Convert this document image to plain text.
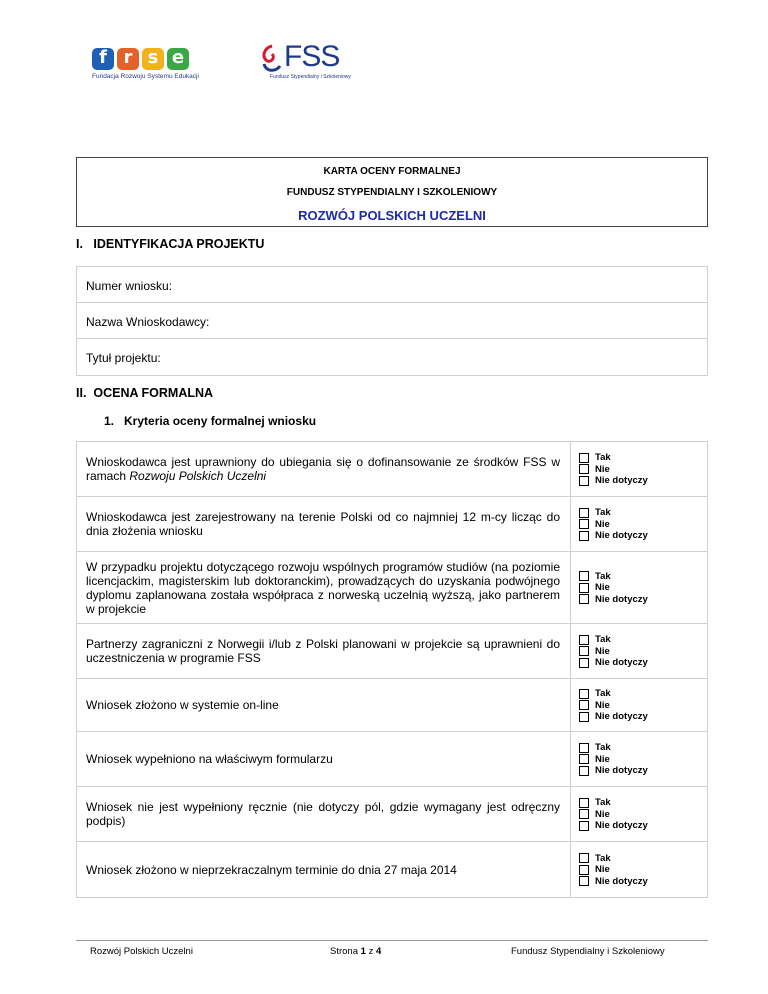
f r s e
Fundacja Rozwoju Systemu Edukacji
FSS
Fundusz Stypendialny i Szkoleniowy
KARTA OCENY FORMALNEJ
FUNDUSZ STYPENDIALNY I SZKOLENIOWY
ROZWÓJ POLSKICH UCZELNI
I.   IDENTYFIKACJA PROJEKTU
Numer wniosku:
Nazwa Wnioskodawcy:
Tytuł projektu:
II.  OCENA FORMALNA
1.   Kryteria oceny formalnej wniosku
Wnioskodawca jest uprawniony do ubiegania się o dofinansowanie ze środków FSS w ramach Rozwoju Polskich Uczelni
Tak
Nie
Nie dotyczy
Wnioskodawca jest zarejestrowany na terenie Polski od co najmniej 12 m-cy licząc do dnia złożenia wniosku
Tak
Nie
Nie dotyczy
W przypadku projektu dotyczącego rozwoju wspólnych programów studiów (na poziomie licencjackim, magisterskim lub doktoranckim), prowadzących do uzyskania podwójnego dyplomu zaplanowana została współpraca z norweską uczelnią wyższą, jako partnerem w projekcie
Tak
Nie
Nie dotyczy
Partnerzy zagraniczni z Norwegii i/lub z Polski planowani w projekcie są uprawnieni do uczestniczenia w programie FSS
Tak
Nie
Nie dotyczy
Wniosek złożono w systemie on-line
Tak
Nie
Nie dotyczy
Wniosek wypełniono na właściwym formularzu
Tak
Nie
Nie dotyczy
Wniosek nie jest wypełniony ręcznie (nie dotyczy pól, gdzie wymagany jest odręczny podpis)
Tak
Nie
Nie dotyczy
Wniosek złożono w nieprzekraczalnym terminie do dnia 27 maja 2014
Tak
Nie
Nie dotyczy
Rozwój Polskich Uczelni	Strona 1 z 4	Fundusz Stypendialny i Szkoleniowy
